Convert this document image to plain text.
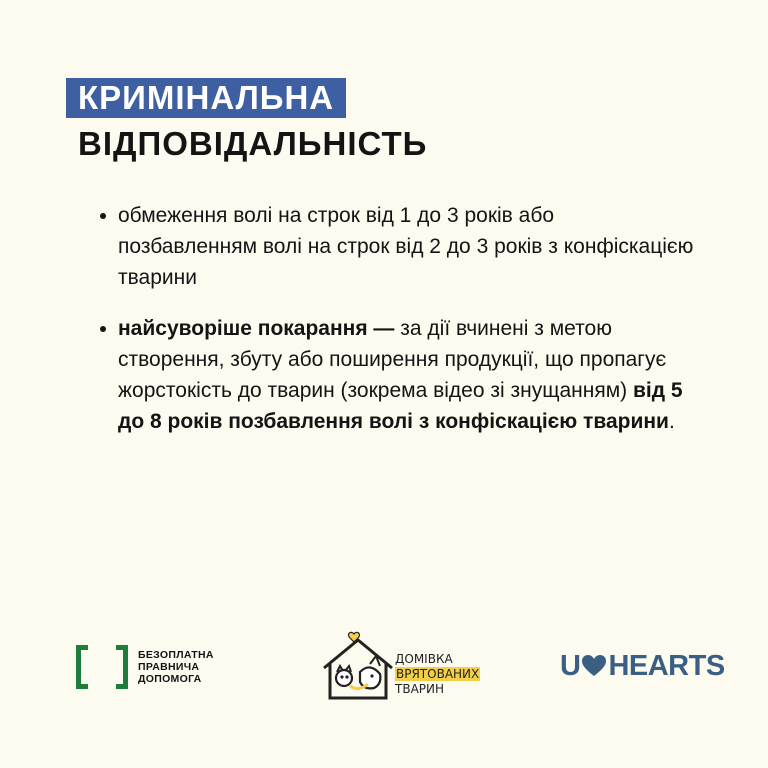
КРИМІНАЛЬНА
ВІДПОВІДАЛЬНІСТЬ
обмеження волі на строк від 1 до 3 років або позбавленням волі на строк від 2 до 3 років з конфіскацією тварини
найсуворіше покарання — за дії вчинені з метою створення, збуту або поширення продукції, що пропагує жорстокість до тварин (зокрема відео зі знущанням) від 5 до 8 років позбавлення волі з конфіскацією тварини.
БЕЗОПЛАТНА
ПРАВНИЧА
ДОПОМОГА
ДОМІВКА
ВРЯТОВАНИХ
ТВАРИН
U HEARTS
